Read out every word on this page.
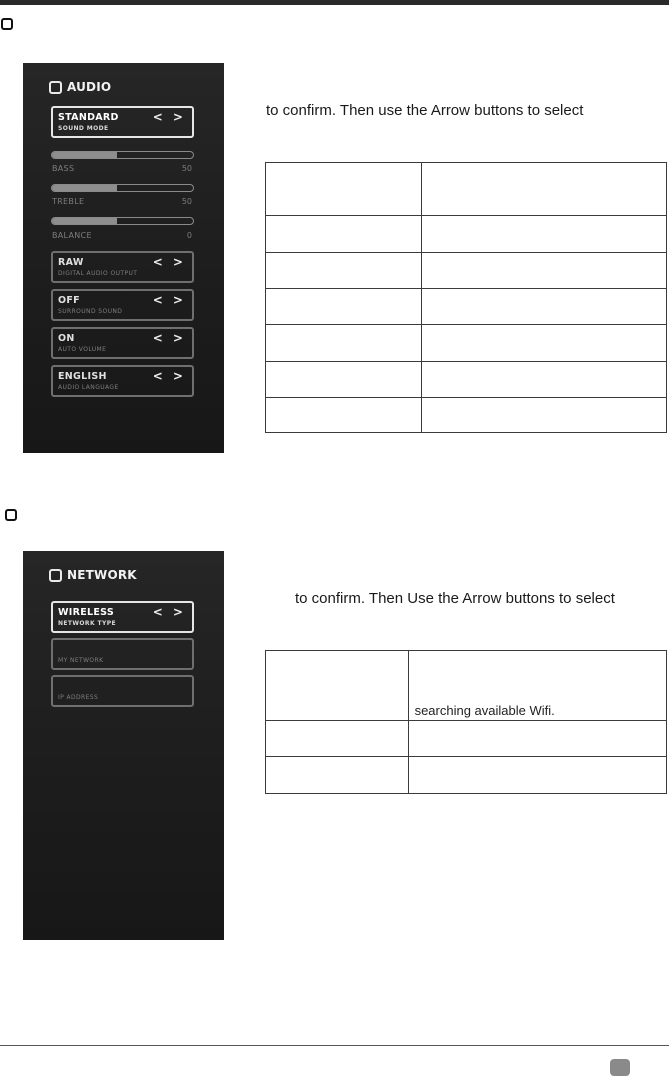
AUDIO
STANDARD
SOUND MODE
< >
BASS	50
TREBLE	50
BALANCE	0
RAW
DIGITAL AUDIO OUTPUT
< >
OFF
SURROUND SOUND
< >
ON
AUTO VOLUME
< >
ENGLISH
AUDIO LANGUAGE
< >
to confirm. Then use the Arrow buttons to select

NETWORK
WIRELESS
NETWORK TYPE
< >
MY NETWORK
IP ADDRESS
to confirm. Then Use the Arrow buttons to select
	searching available Wifi.
